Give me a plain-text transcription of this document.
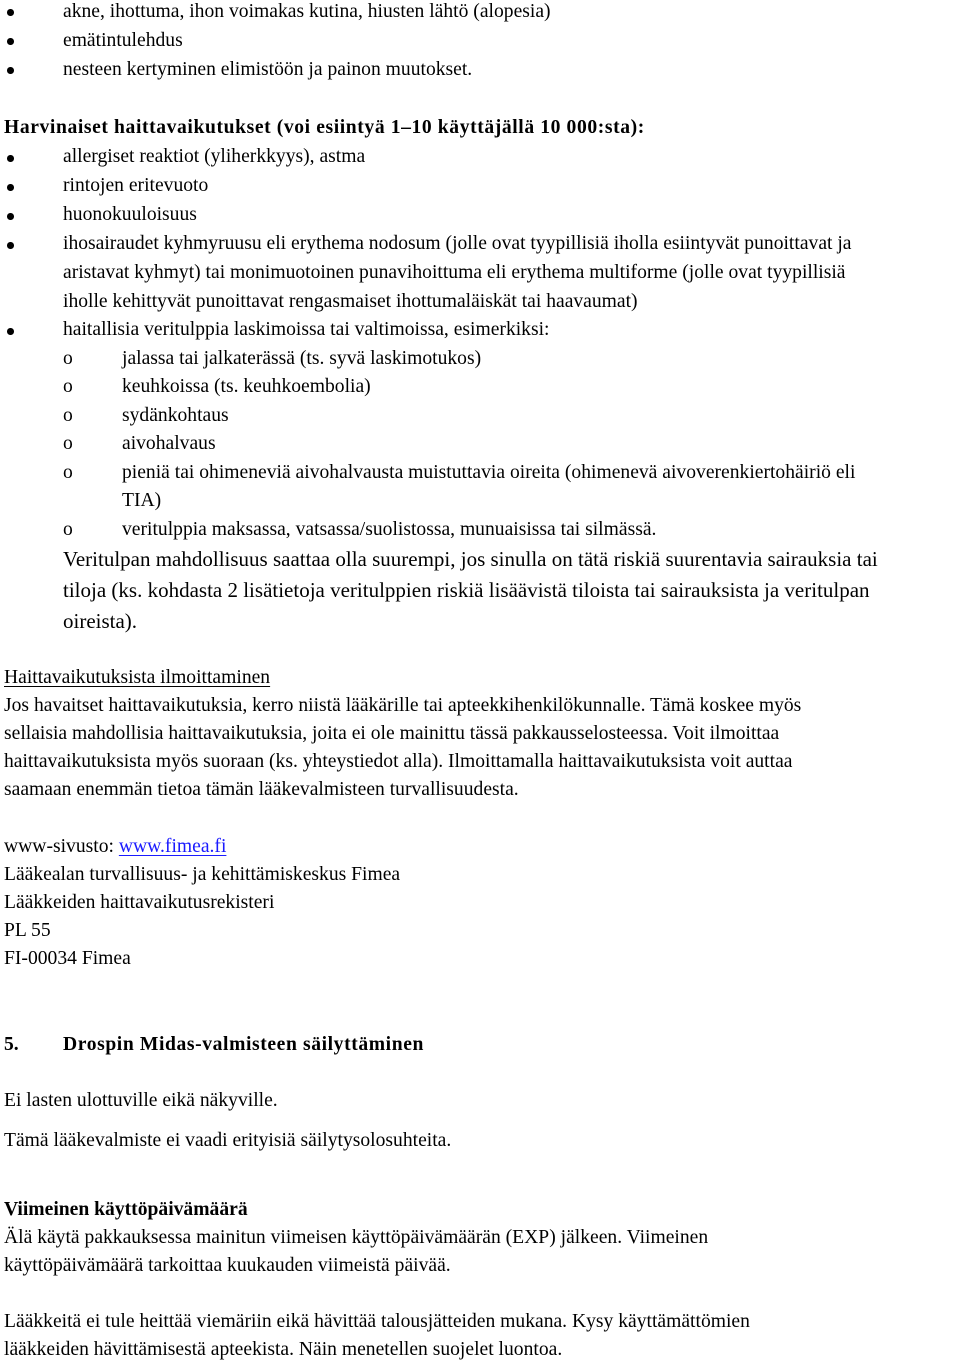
akne, ihottuma, ihon voimakas kutina, hiusten lähtö (alopesia)
emätintulehdus
nesteen kertyminen elimistöön ja painon muutokset.
Harvinaiset haittavaikutukset (voi esiintyä 1–10 käyttäjällä 10 000:sta):
allergiset reaktiot (yliherkkyys), astma
rintojen eritevuoto
huonokuuloisuus
ihosairaudet kyhmyruusu eli erythema nodosum (jolle ovat tyypillisiä iholla esiintyvät punoittavat ja
aristavat kyhmyt) tai monimuotoinen punavihoittuma eli erythema multiforme (jolle ovat tyypillisiä
iholle kehittyvät punoittavat rengasmaiset ihottumaläiskät tai haavaumat)
haitallisia veritulppia laskimoissa tai valtimoissa, esimerkiksi:
o	jalassa tai jalkaterässä (ts. syvä laskimotukos)
o	keuhkoissa (ts. keuhkoembolia)
o	sydänkohtaus
o	aivohalvaus
o	pieniä tai ohimeneviä aivohalvausta muistuttavia oireita (ohimenevä aivoverenkiertohäiriö eli
TIA)
o	veritulppia maksassa, vatsassa/suolistossa, munuaisissa tai silmässä.
Veritulpan mahdollisuus saattaa olla suurempi, jos sinulla on tätä riskiä suurentavia sairauksia tai
tiloja (ks. kohdasta 2 lisätietoja veritulppien riskiä lisäävistä tiloista tai sairauksista ja veritulpan
oireista).
Haittavaikutuksista ilmoittaminen
Jos havaitset haittavaikutuksia, kerro niistä lääkärille tai apteekkihenkilökunnalle. Tämä koskee myös
sellaisia mahdollisia haittavaikutuksia, joita ei ole mainittu tässä pakkausselosteessa. Voit ilmoittaa
haittavaikutuksista myös suoraan (ks. yhteystiedot alla). Ilmoittamalla haittavaikutuksista voit auttaa
saamaan enemmän tietoa tämän lääkevalmisteen turvallisuudesta.
www-sivusto: www.fimea.fi
Lääkealan turvallisuus- ja kehittämiskeskus Fimea
Lääkkeiden haittavaikutusrekisteri
PL 55
FI-00034 Fimea
5. Drospin Midas-valmisteen säilyttäminen
Ei lasten ulottuville eikä näkyville.
Tämä lääkevalmiste ei vaadi erityisiä säilytysolosuhteita.
Viimeinen käyttöpäivämäärä
Älä käytä pakkauksessa mainitun viimeisen käyttöpäivämäärän (EXP) jälkeen. Viimeinen
käyttöpäivämäärä tarkoittaa kuukauden viimeistä päivää.
Lääkkeitä ei tule heittää viemäriin eikä hävittää talousjätteiden mukana. Kysy käyttämättömien
lääkkeiden hävittämisestä apteekista. Näin menetellen suojelet luontoa.
